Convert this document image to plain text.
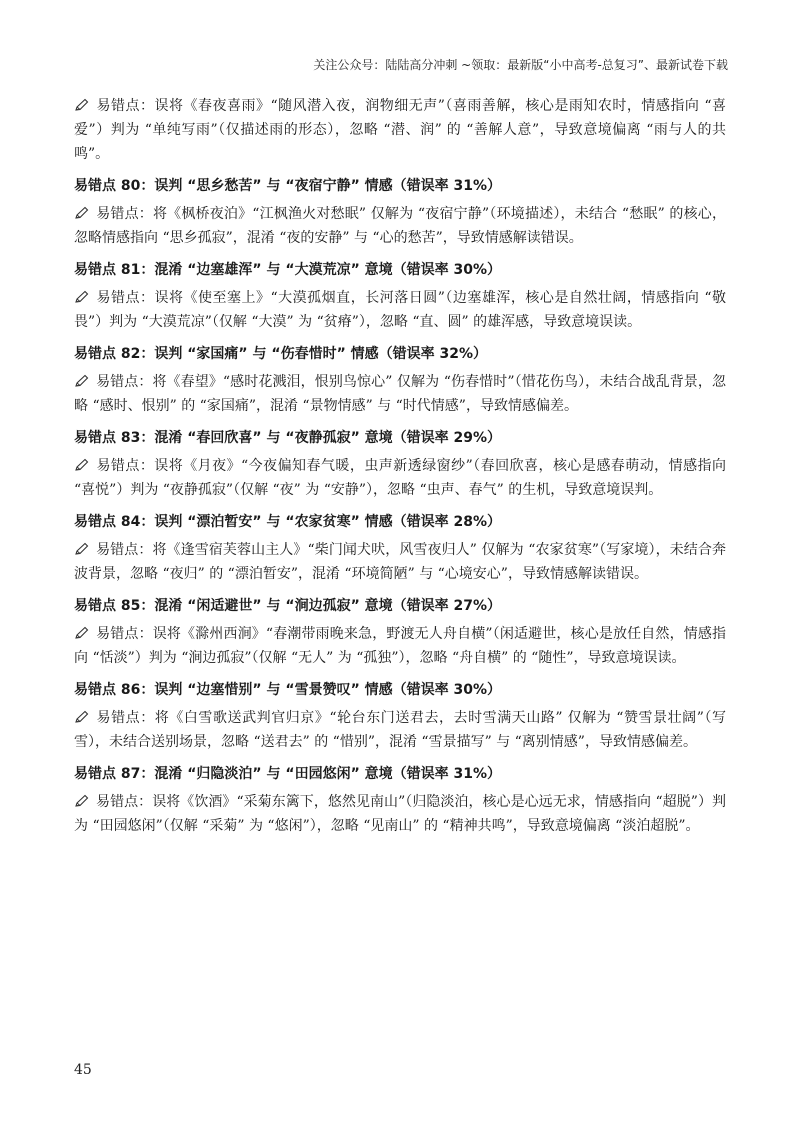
关注公众号：陆陆高分冲刺 ~领取：最新版“小中高考-总复习”、最新试卷下载

易错点：误将《春夜喜雨》“随风潜入夜，润物细无声”（喜雨善解，核心是雨知农时，情感指向 “喜爱”）判为 “单纯写雨”（仅描述雨的形态），忽略 “潜、润” 的 “善解人意”，导致意境偏离 “雨与人的共鸣”。

易错点 80：误判 “思乡愁苦” 与 “夜宿宁静” 情感（错误率 31%）

易错点：将《枫桥夜泊》“江枫渔火对愁眠” 仅解为 “夜宿宁静”（环境描述），未结合 “愁眠” 的核心，忽略情感指向 “思乡孤寂”，混淆 “夜的安静” 与 “心的愁苦”，导致情感解读错误。

易错点 81：混淆 “边塞雄浑” 与 “大漠荒凉” 意境（错误率 30%）

易错点：误将《使至塞上》“大漠孤烟直，长河落日圆”（边塞雄浑，核心是自然壮阔，情感指向 “敬畏”）判为 “大漠荒凉”（仅解 “大漠” 为 “贫瘠”），忽略 “直、圆” 的雄浑感，导致意境误读。

易错点 82：误判 “家国痛” 与 “伤春惜时” 情感（错误率 32%）

易错点：将《春望》“感时花溅泪，恨别鸟惊心” 仅解为 “伤春惜时”（惜花伤鸟），未结合战乱背景，忽略 “感时、恨别” 的 “家国痛”，混淆 “景物情感” 与 “时代情感”，导致情感偏差。

易错点 83：混淆 “春回欣喜” 与 “夜静孤寂” 意境（错误率 29%）

易错点：误将《月夜》“今夜偏知春气暖，虫声新透绿窗纱”（春回欣喜，核心是感春萌动，情感指向 “喜悦”）判为 “夜静孤寂”（仅解 “夜” 为 “安静”），忽略 “虫声、春气” 的生机，导致意境误判。

易错点 84：误判 “漂泊暂安” 与 “农家贫寒” 情感（错误率 28%）

易错点：将《逢雪宿芙蓉山主人》“柴门闻犬吠，风雪夜归人” 仅解为 “农家贫寒”（写家境），未结合奔波背景，忽略 “夜归” 的 “漂泊暂安”，混淆 “环境简陋” 与 “心境安心”，导致情感解读错误。

易错点 85：混淆 “闲适避世” 与 “涧边孤寂” 意境（错误率 27%）

易错点：误将《滁州西涧》“春潮带雨晚来急，野渡无人舟自横”（闲适避世，核心是放任自然，情感指向 “恬淡”）判为 “涧边孤寂”（仅解 “无人” 为 “孤独”），忽略 “舟自横” 的 “随性”，导致意境误读。

易错点 86：误判 “边塞惜别” 与 “雪景赞叹” 情感（错误率 30%）

易错点：将《白雪歌送武判官归京》“轮台东门送君去，去时雪满天山路” 仅解为 “赞雪景壮阔”（写雪），未结合送别场景，忽略 “送君去” 的 “惜别”，混淆 “雪景描写” 与 “离别情感”，导致情感偏差。

易错点 87：混淆 “归隐淡泊” 与 “田园悠闲” 意境（错误率 31%）

易错点：误将《饮酒》“采菊东篱下，悠然见南山”（归隐淡泊，核心是心远无求，情感指向 “超脱”）判为 “田园悠闲”（仅解 “采菊” 为 “悠闲”），忽略 “见南山” 的 “精神共鸣”，导致意境偏离 “淡泊超脱”。

45
